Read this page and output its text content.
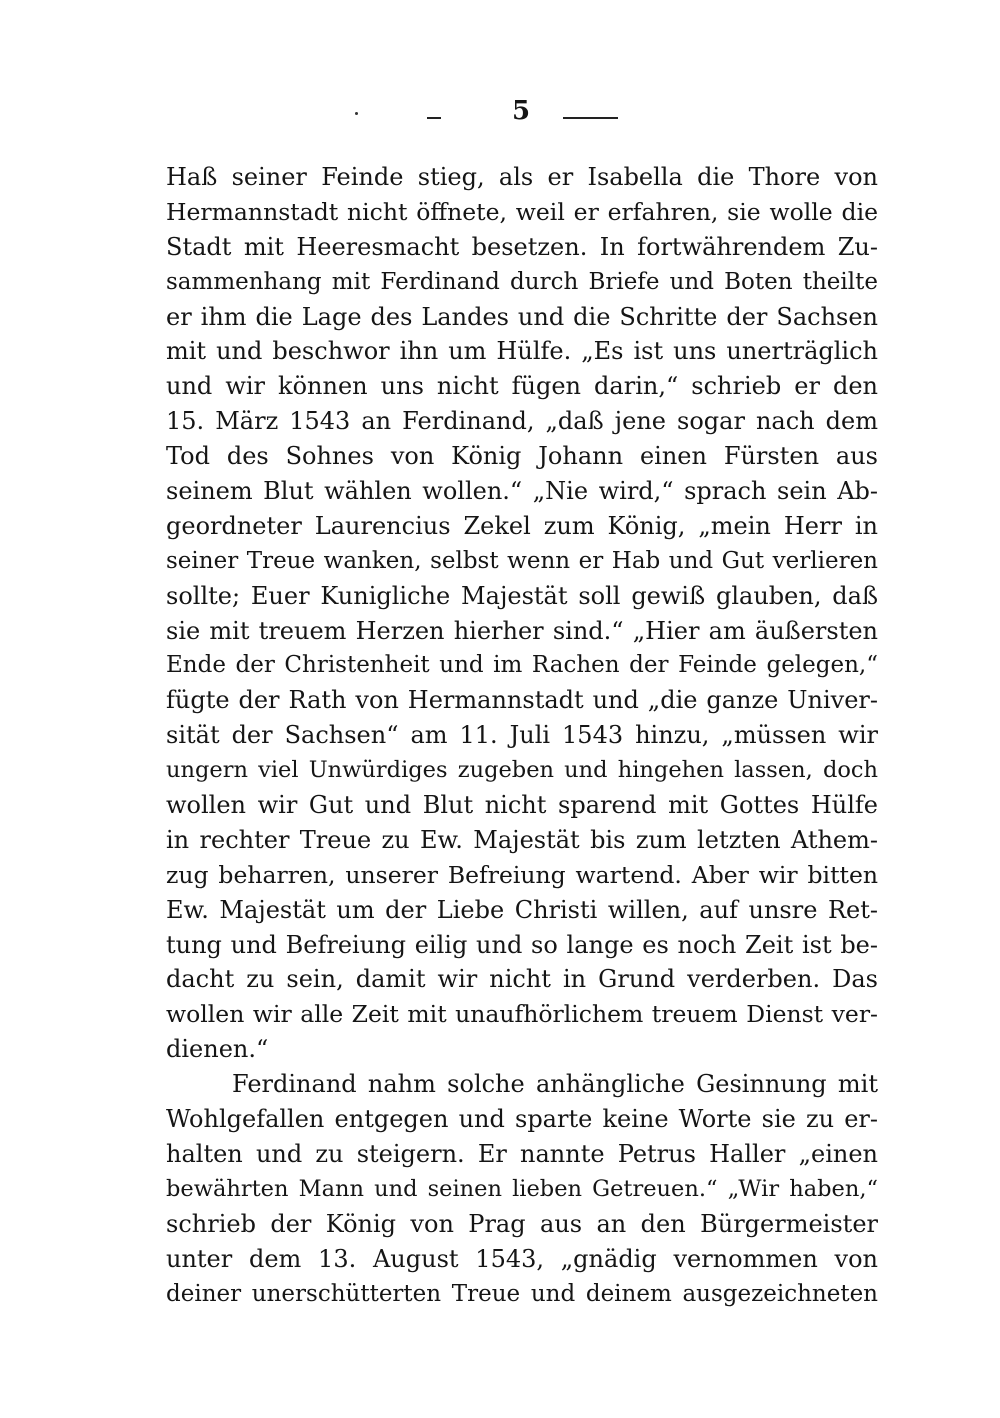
5
Haß seiner Feinde stieg, als er Isabella die Thore von
Hermannstadt nicht öffnete, weil er erfahren, sie wolle die
Stadt mit Heeresmacht besetzen. In fortwährendem Zu-
sammenhang mit Ferdinand durch Briefe und Boten theilte
er ihm die Lage des Landes und die Schritte der Sachsen
mit und beschwor ihn um Hülfe. „Es ist uns unerträglich
und wir können uns nicht fügen darin,“ schrieb er den
15. März 1543 an Ferdinand, „daß jene sogar nach dem
Tod des Sohnes von König Johann einen Fürsten aus
seinem Blut wählen wollen.“ „Nie wird,“ sprach sein Ab-
geordneter Laurencius Zekel zum König, „mein Herr in
seiner Treue wanken, selbst wenn er Hab und Gut verlieren
sollte; Euer Kunigliche Majestät soll gewiß glauben, daß
sie mit treuem Herzen hierher sind.“ „Hier am äußersten
Ende der Christenheit und im Rachen der Feinde gelegen,“
fügte der Rath von Hermannstadt und „die ganze Univer-
sität der Sachsen“ am 11. Juli 1543 hinzu, „müssen wir
ungern viel Unwürdiges zugeben und hingehen lassen, doch
wollen wir Gut und Blut nicht sparend mit Gottes Hülfe
in rechter Treue zu Ew. Majestät bis zum letzten Athem-
zug beharren, unserer Befreiung wartend. Aber wir bitten
Ew. Majestät um der Liebe Christi willen, auf unsre Ret-
tung und Befreiung eilig und so lange es noch Zeit ist be-
dacht zu sein, damit wir nicht in Grund verderben. Das
wollen wir alle Zeit mit unaufhörlichem treuem Dienst ver-
dienen.“
Ferdinand nahm solche anhängliche Gesinnung mit
Wohlgefallen entgegen und sparte keine Worte sie zu er-
halten und zu steigern. Er nannte Petrus Haller „einen
bewährten Mann und seinen lieben Getreuen.“ „Wir haben,“
schrieb der König von Prag aus an den Bürgermeister
unter dem 13. August 1543, „gnädig vernommen von
deiner unerschütterten Treue und deinem ausgezeichneten
